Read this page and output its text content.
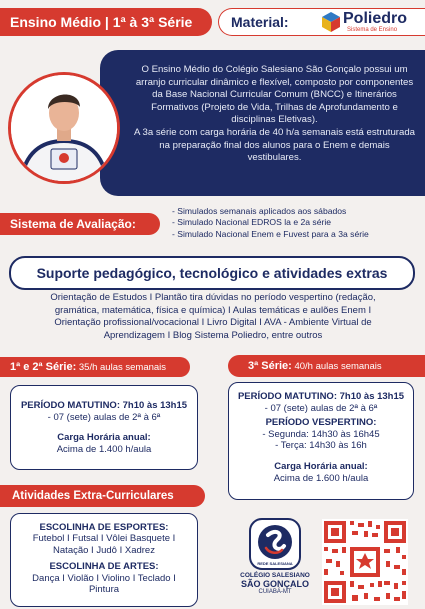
Ensino Médio | 1ª à 3ª Série	Material:	Poliedro
Sistema de Ensino

O Ensino Médio do Colégio Salesiano São Gonçalo possui um arranjo curricular dinâmico e flexível, composto por componentes da Base Nacional Curricular Comum (BNCC) e Itinerários Formativos (Projeto de Vida, Trilhas de Aprofundamento e disciplinas Eletivas).

A 3a série com carga horária de 40 h/a semanais está estruturada na preparação final dos alunos para o Enem e demais vestibulares.

Sistema de Avaliação:
- Simulados semanais aplicados aos sábados
- Simulado Nacional EDROS la e 2a série
- Simulado Nacional Enem e Fuvest para a 3a série
Suporte pedagógico, tecnológico e atividades extras
Orientação de Estudos I Plantão tira dúvidas no período vespertino (redação,
gramática, matemática, física e química) I Aulas temáticas e aulões Enem I
Orientação profissional/vocacional I Livro Digital I AVA - Ambiente Virtual de
Aprendizagem I Blog Sistema Poliedro, entre outros
1ª e 2ª Série: 35/h aulas semanais
PERÍODO MATUTINO: 7h10 às 13h15
- 07 (sete) aulas de 2ª à 6ª
Carga Horária anual:
Acima de 1.400 h/aula
3ª Série: 40/h aulas semanais
PERÍODO MATUTINO: 7h10 às 13h15
- 07 (sete) aulas de 2ª à 6ª
PERÍODO VESPERTINO:
- Segunda: 14h30 às 16h45
- Terça: 14h30 às 16h
Carga Horária anual:
Acima de 1.600 h/aula
Atividades Extra-Curriculares
ESCOLINHA DE ESPORTES:
Futebol I Futsal I Vôlei Basquete I
Natação I Judô I Xadrez
ESCOLINHA DE ARTES:
Dança I Violão I Violino I Teclado I
Pintura
REDE SALESIANA
COLÉGIO SALESIANO
SÃO GONÇALO
CUIABÁ-MT
